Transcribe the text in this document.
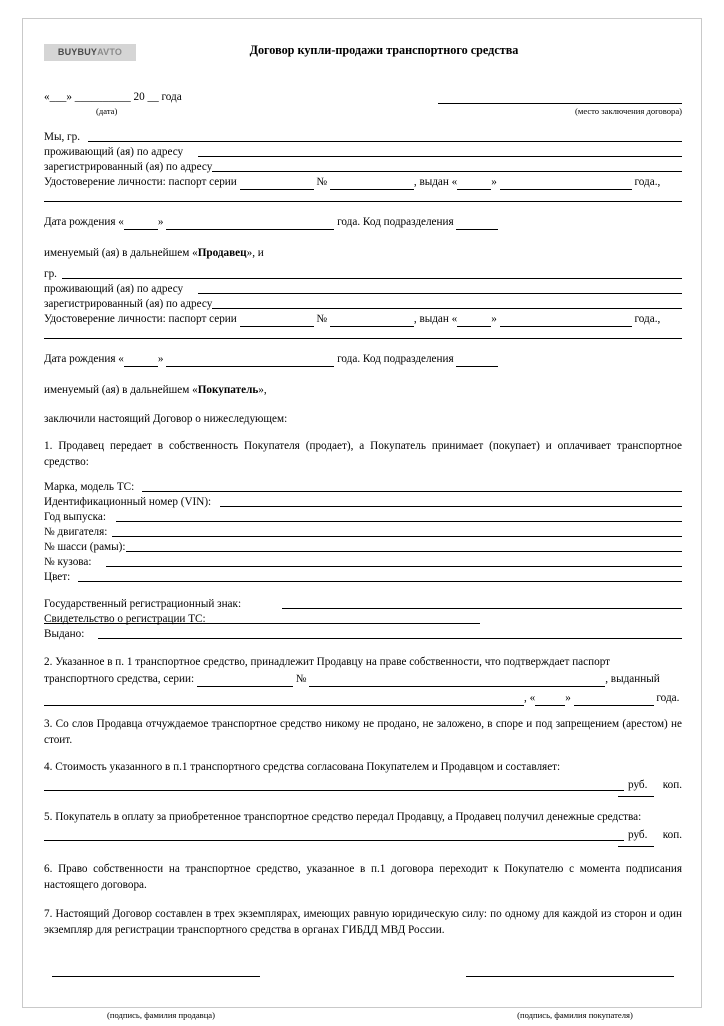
BUYBUY AVTO	Договор купли-продажи транспортного средства
«___» __________ 20 __ года
(дата)	(место заключения договора)
Мы, гр.
проживающий (ая) по адресу
зарегистрированный (ая) по адресу
Удостоверение личности: паспорт серии	№	, выдан «	»	года.,
Дата рождения «	»	года. Код подразделения
именуемый (ая) в дальнейшем «Продавец», и
гр.
проживающий (ая) по адресу
зарегистрированный (ая) по адресу
Удостоверение личности: паспорт серии	№	, выдан «	»	года.,
Дата рождения «	»	года. Код подразделения
именуемый (ая) в дальнейшем «Покупатель»,
заключили настоящий Договор о нижеследующем:
1. Продавец передает в собственность Покупателя (продает), а Покупатель принимает (покупает) и оплачивает транспортное средство:
Марка, модель ТС:
Идентификационный номер (VIN):
Год выпуска:
№ двигателя:
№ шасси (рамы):
№ кузова:
Цвет:
Государственный регистрационный знак:
Свидетельство о регистрации ТС:
Выдано:
2. Указанное в п. 1 транспортное средство, принадлежит Продавцу на праве собственности, что подтверждает паспорт
транспортного средства, серии:	№	, выданный
, «	»	года.
3. Со слов Продавца отчуждаемое транспортное средство никому не продано, не заложено, в споре и под запрещением (арестом) не стоит.
4. Стоимость указанного в п.1 транспортного средства согласована Покупателем и Продавцом и составляет:
руб. коп.
5. Покупатель в оплату за приобретенное транспортное средство передал Продавцу, а Продавец получил денежные средства:
руб. коп.
6. Право собственности на транспортное средство, указанное в п.1 договора переходит к Покупателю с момента подписания настоящего договора.
7. Настоящий Договор составлен в трех экземплярах, имеющих равную юридическую силу: по одному для каждой из сторон и один экземпляр для регистрации транспортного средства в органах ГИБДД МВД России.
(подпись, фамилия продавца)	(подпись, фамилия покупателя)
